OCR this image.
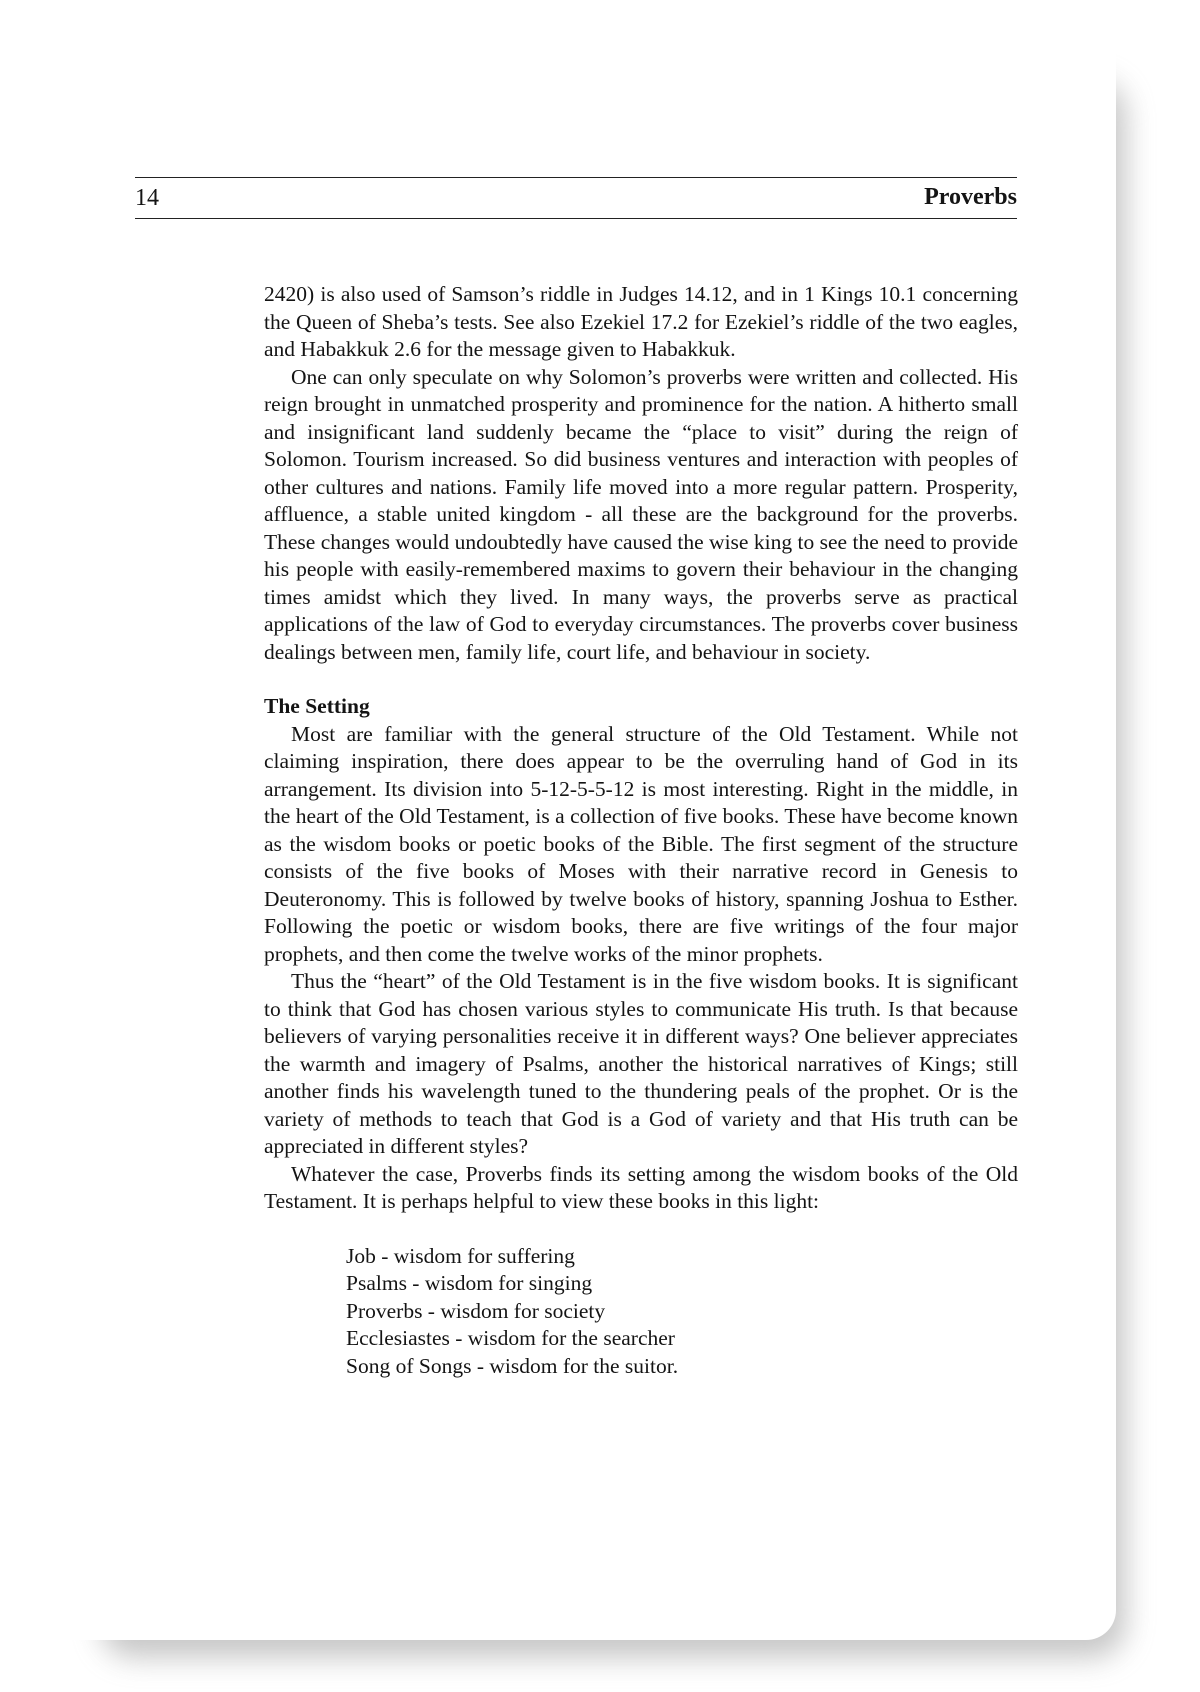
14	Proverbs

2420) is also used of Samson’s riddle in Judges 14.12, and in 1 Kings 10.1 concerning the Queen of Sheba’s tests. See also Ezekiel 17.2 for Ezekiel’s riddle of the two eagles, and Habakkuk 2.6 for the message given to Habakkuk.

One can only speculate on why Solomon’s proverbs were written and collected. His reign brought in unmatched prosperity and prominence for the nation. A hitherto small and insignificant land suddenly became the “place to visit” during the reign of Solomon. Tourism increased. So did business ventures and interaction with peoples of other cultures and nations. Family life moved into a more regular pattern. Prosperity, affluence, a stable united kingdom - all these are the background for the proverbs. These changes would undoubtedly have caused the wise king to see the need to provide his people with easily-remembered maxims to govern their behaviour in the changing times amidst which they lived. In many ways, the proverbs serve as practical applications of the law of God to everyday circumstances. The proverbs cover business dealings between men, family life, court life, and behaviour in society.

The Setting

Most are familiar with the general structure of the Old Testament. While not claiming inspiration, there does appear to be the overruling hand of God in its arrangement. Its division into 5-12-5-5-12 is most interesting. Right in the middle, in the heart of the Old Testament, is a collection of five books. These have become known as the wisdom books or poetic books of the Bible. The first segment of the structure consists of the five books of Moses with their narrative record in Genesis to Deuteronomy. This is followed by twelve books of history, spanning Joshua to Esther. Following the poetic or wisdom books, there are five writings of the four major prophets, and then come the twelve works of the minor prophets.

Thus the “heart” of the Old Testament is in the five wisdom books. It is significant to think that God has chosen various styles to communicate His truth. Is that because believers of varying personalities receive it in different ways? One believer appreciates the warmth and imagery of Psalms, another the historical narratives of Kings; still another finds his wavelength tuned to the thundering peals of the prophet. Or is the variety of methods to teach that God is a God of variety and that His truth can be appreciated in different styles?

Whatever the case, Proverbs finds its setting among the wisdom books of the Old Testament. It is perhaps helpful to view these books in this light:

Job - wisdom for suffering
Psalms - wisdom for singing
Proverbs - wisdom for society
Ecclesiastes - wisdom for the searcher
Song of Songs - wisdom for the suitor.
